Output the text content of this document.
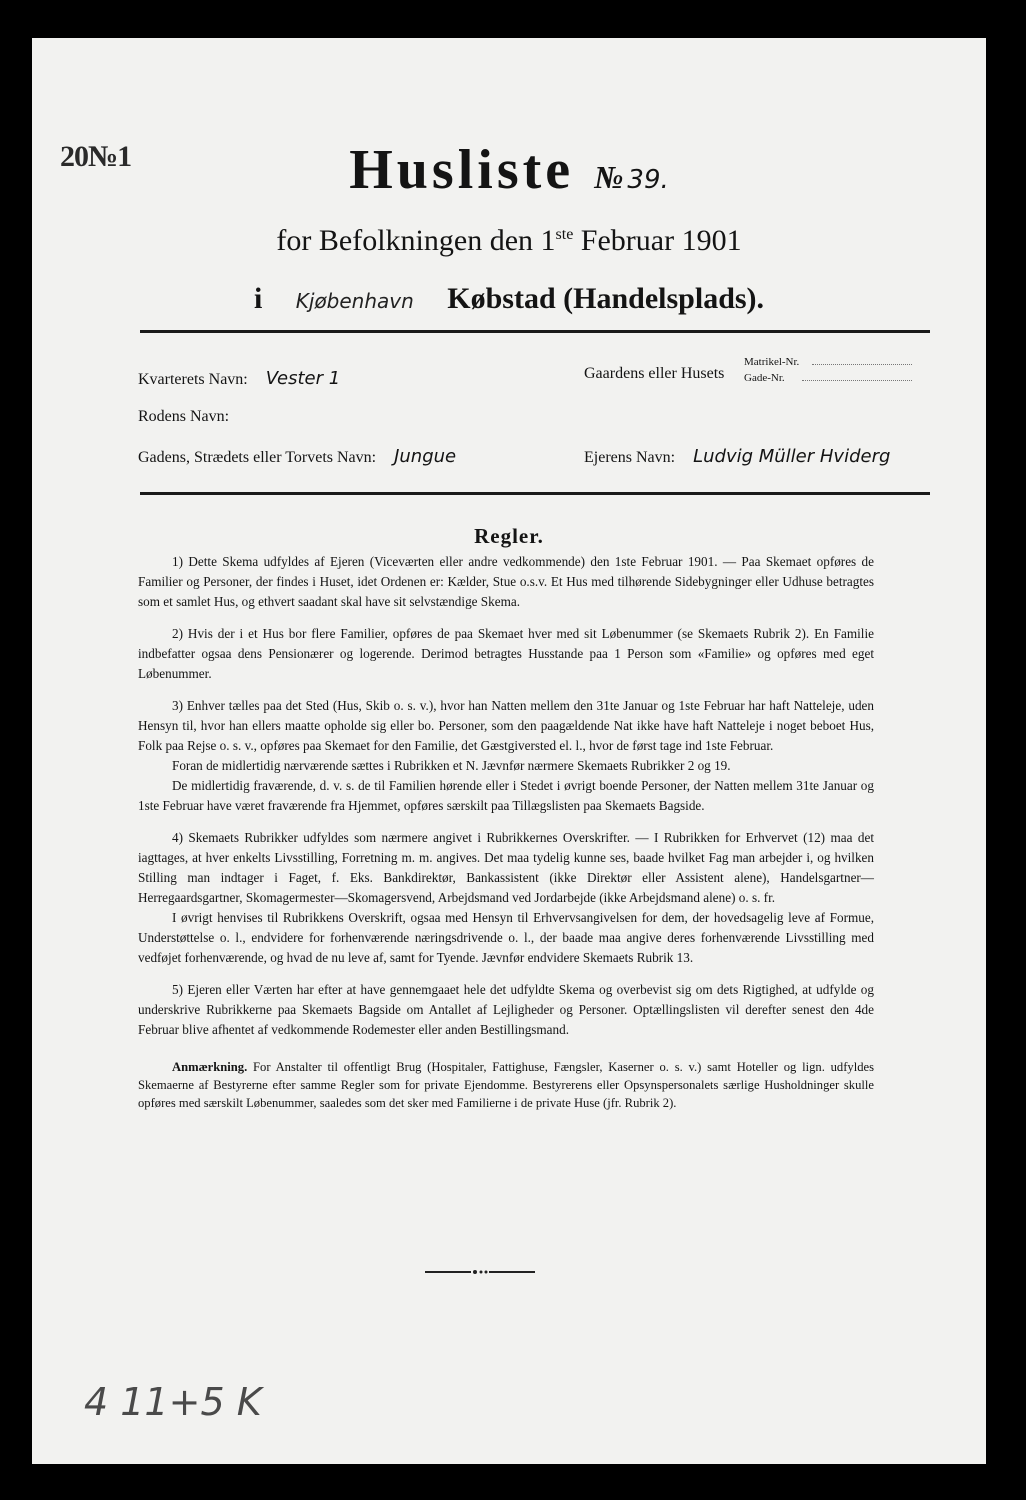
20№1	Husliste № 39.
for Befolkningen den 1ste Februar 1901
i Kjøbenhavn Købstad (Handelsplads).
Kvarterets Navn: Vester 1	Gaardens eller Husets
Matrikel-Nr.
Gade-Nr.
Rodens Navn:
Gadens, Strædets eller Torvets Navn: Jungue	Ejerens Navn: Ludvig Müller Hviderg
Regler.

1) Dette Skema udfyldes af Ejeren (Viceværten eller andre vedkommende) den 1ste Februar 1901. — Paa Skemaet opføres de Familier og Personer, der findes i Huset, idet Ordenen er: Kælder, Stue o.s.v. Et Hus med tilhørende Sidebygninger eller Udhuse betragtes som et samlet Hus, og ethvert saadant skal have sit selvstændige Skema.

2) Hvis der i et Hus bor flere Familier, opføres de paa Skemaet hver med sit Løbenummer (se Skemaets Rubrik 2). En Familie indbefatter ogsaa dens Pensionærer og logerende. Derimod betragtes Husstande paa 1 Person som «Familie» og opføres med eget Løbenummer.

3) Enhver tælles paa det Sted (Hus, Skib o. s. v.), hvor han Natten mellem den 31te Januar og 1ste Februar har haft Natteleje, uden Hensyn til, hvor han ellers maatte opholde sig eller bo. Personer, som den paagældende Nat ikke have haft Natteleje i noget beboet Hus, Folk paa Rejse o. s. v., opføres paa Skemaet for den Familie, det Gæstgiversted el. l., hvor de først tage ind 1ste Februar.

Foran de midlertidig nærværende sættes i Rubrikken et N. Jævnfør nærmere Skemaets Rubrikker 2 og 19.

De midlertidig fraværende, d. v. s. de til Familien hørende eller i Stedet i øvrigt boende Personer, der Natten mellem 31te Januar og 1ste Februar have været fraværende fra Hjemmet, opføres særskilt paa Tillægslisten paa Skemaets Bagside.

4) Skemaets Rubrikker udfyldes som nærmere angivet i Rubrikkernes Overskrifter. — I Rubrikken for Erhvervet (12) maa det iagttages, at hver enkelts Livsstilling, Forretning m. m. angives. Det maa tydelig kunne ses, baade hvilket Fag man arbejder i, og hvilken Stilling man indtager i Faget, f. Eks. Bankdirektør, Bankassistent (ikke Direktør eller Assistent alene), Handelsgartner—Herregaardsgartner, Skomagermester—Skomagersvend, Arbejdsmand ved Jordarbejde (ikke Arbejdsmand alene) o. s. fr.

I øvrigt henvises til Rubrikkens Overskrift, ogsaa med Hensyn til Erhvervsangivelsen for dem, der hovedsagelig leve af Formue, Understøttelse o. l., endvidere for forhenværende næringsdrivende o. l., der baade maa angive deres forhenværende Livsstilling med vedføjet forhenværende, og hvad de nu leve af, samt for Tyende. Jævnfør endvidere Skemaets Rubrik 13.

5) Ejeren eller Værten har efter at have gennemgaaet hele det udfyldte Skema og overbevist sig om dets Rigtighed, at udfylde og underskrive Rubrikkerne paa Skemaets Bagside om Antallet af Lejligheder og Personer. Optællingslisten vil derefter senest den 4de Februar blive afhentet af vedkommende Rodemester eller anden Bestillingsmand.

Anmærkning. For Anstalter til offentligt Brug (Hospitaler, Fattighuse, Fængsler, Kaserner o. s. v.) samt Hoteller og lign. udfyldes Skemaerne af Bestyrerne efter samme Regler som for private Ejendomme. Bestyrerens eller Opsynspersonalets særlige Husholdninger skulle opføres med særskilt Løbenummer, saaledes som det sker med Familierne i de private Huse (jfr. Rubrik 2).

4 11+5 K
